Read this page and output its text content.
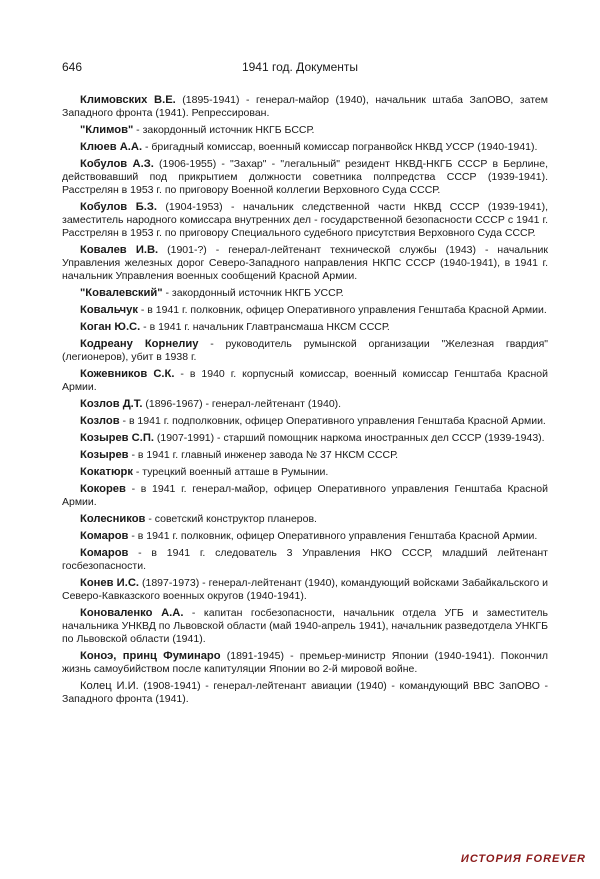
646	1941 год. Документы

Климовских В.Е. (1895-1941) - генерал-майор (1940), начальник штаба ЗапОВО, затем Западного фронта (1941). Репрессирован.

"Климов" - закордонный источник НКГБ БССР.

Клюев А.А. - бригадный комиссар, военный комиссар погранвойск НКВД УССР (1940-1941).

Кобулов А.З. (1906-1955) - "Захар" - "легальный" резидент НКВД-НКГБ СССР в Берлине, действовавший под прикрытием должности советника полпредства СССР (1939-1941). Расстрелян в 1953 г. по приговору Военной коллегии Верховного Суда СССР.

Кобулов Б.З. (1904-1953) - начальник следственной части НКВД СССР (1939-1941), заместитель народного комиссара внутренних дел - государственной безопасности СССР с 1941 г. Расстрелян в 1953 г. по приговору Специального судебного присутствия Верховного Суда СССР.

Ковалев И.В. (1901-?) - генерал-лейтенант технической службы (1943) - начальник Управления железных дорог Северо-Западного направления НКПС СССР (1940-1941), в 1941 г. начальник Управления военных сообщений Красной Армии.

"Ковалевский" - закордонный источник НКГБ УССР.

Ковальчук - в 1941 г. полковник, офицер Оперативного управления Генштаба Красной Армии.

Коган Ю.С. - в 1941 г. начальник Главтрансмаша НКСМ СССР.

Кодреану Корнелиу - руководитель румынской организации "Железная гвардия" (легионеров), убит в 1938 г.

Кожевников С.К. - в 1940 г. корпусный комиссар, военный комиссар Генштаба Красной Армии.

Козлов Д.Т. (1896-1967) - генерал-лейтенант (1940).

Козлов - в 1941 г. подполковник, офицер Оперативного управления Генштаба Красной Армии.

Козырев С.П. (1907-1991) - старший помощник наркома иностранных дел СССР (1939-1943).

Козырев - в 1941 г. главный инженер завода № 37 НКСМ СССР.

Кокатюрк - турецкий военный атташе в Румынии.

Кокорев - в 1941 г. генерал-майор, офицер Оперативного управления Генштаба Красной Армии.

Колесников - советский конструктор планеров.

Комаров - в 1941 г. полковник, офицер Оперативного управления Генштаба Красной Армии.

Комаров - в 1941 г. следователь 3 Управления НКО СССР, младший лейтенант госбезопасности.

Конев И.С. (1897-1973) - генерал-лейтенант (1940), командующий войсками Забайкальского и Северо-Кавказского военных округов (1940-1941).

Коноваленко А.А. - капитан госбезопасности, начальник отдела УГБ и заместитель начальника УНКВД по Львовской области (май 1940-апрель 1941), начальник разведотдела УНКГБ по Львовской области (1941).

Коноэ, принц Фуминаро (1891-1945) - премьер-министр Японии (1940-1941). Покончил жизнь самоубийством после капитуляции Японии во 2-й мировой войне.

Колец И.И. (1908-1941) - генерал-лейтенант авиации (1940) - командующий ВВС ЗапОВО - Западного фронта (1941).

ИСТОРИЯ FOREVER
